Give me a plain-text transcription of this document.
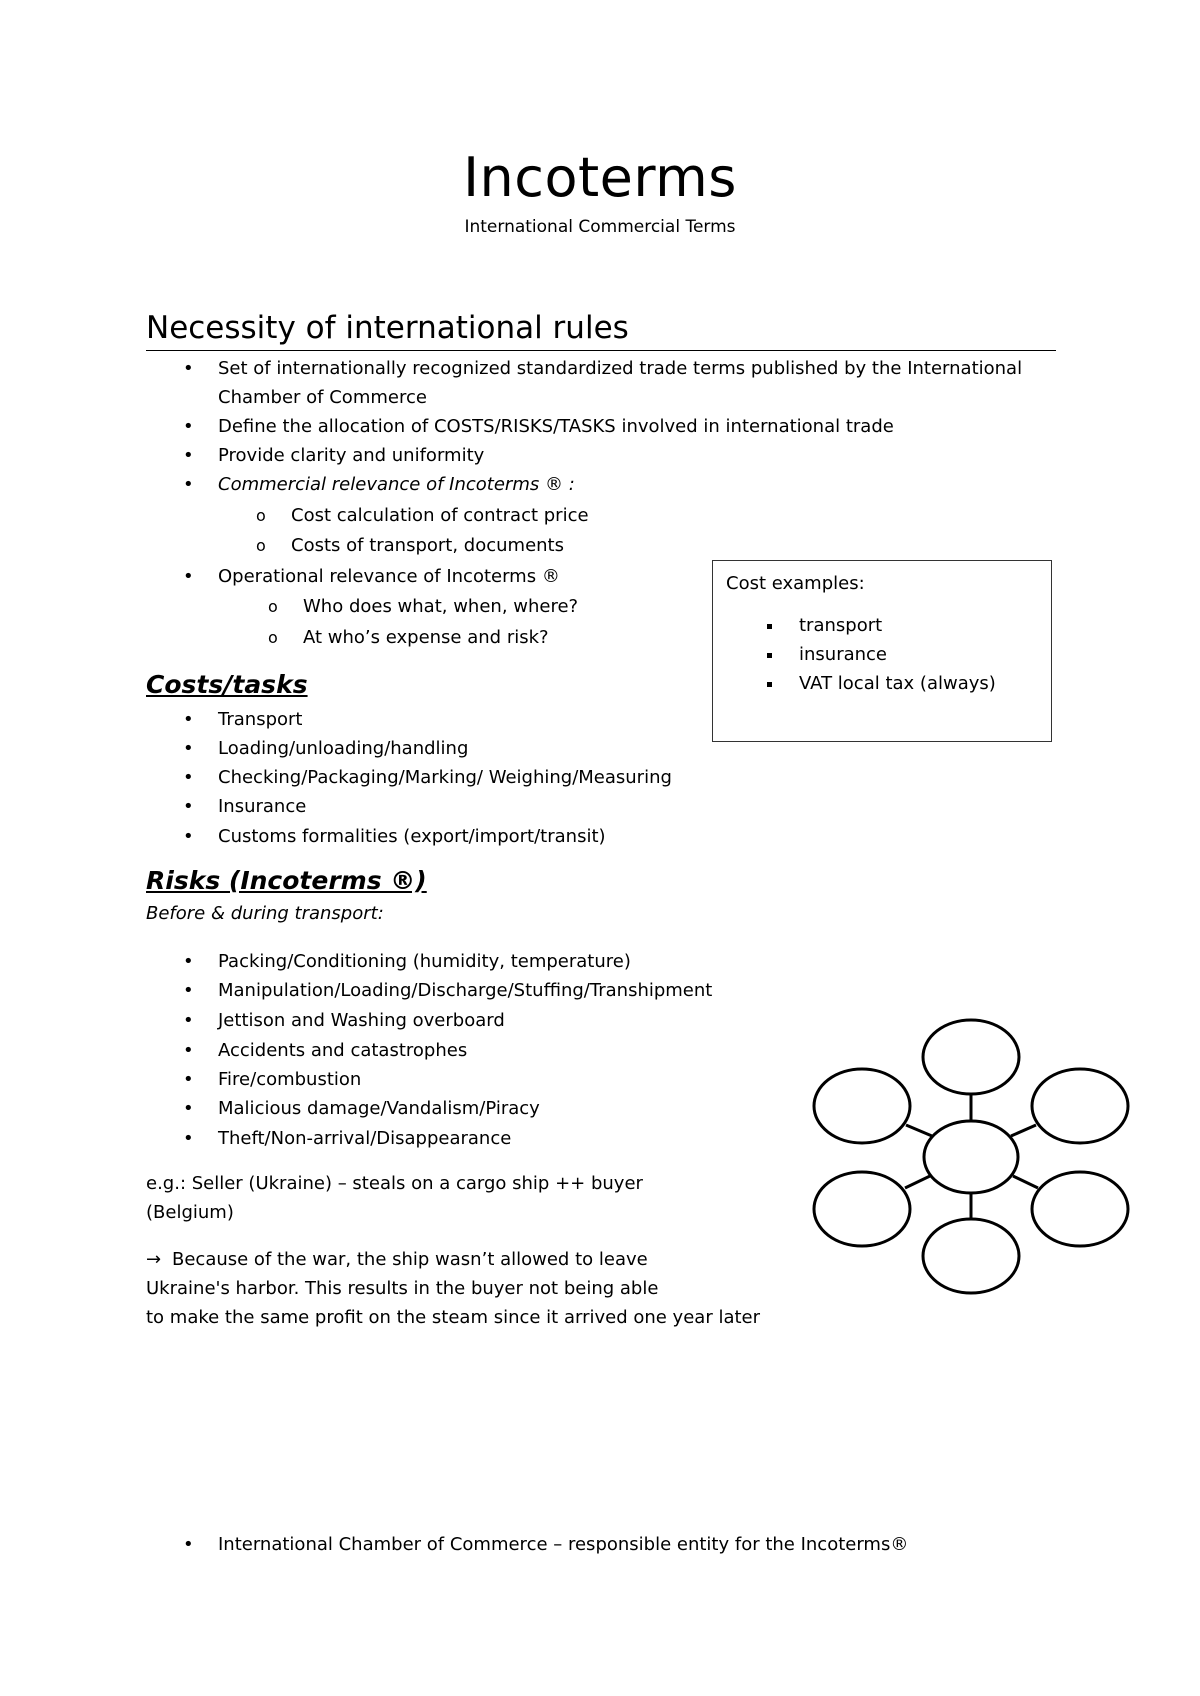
Incoterms
International Commercial Terms
Necessity of international rules
• Set of internationally recognized standardized trade terms published by the International
Chamber of Commerce
• Define the allocation of COSTS/RISKS/TASKS involved in international trade
• Provide clarity and uniformity
• Commercial relevance of Incoterms ® :
o Cost calculation of contract price
o Costs of transport, documents
• Operational relevance of Incoterms ®
o Who does what, when, where?
o At who’s expense and risk?
Cost examples:
transport
insurance
VAT local tax (always)
Costs/tasks
• Transport
• Loading/unloading/handling
• Checking/Packaging/Marking/ Weighing/Measuring
• Insurance
• Customs formalities (export/import/transit)
Risks (Incoterms ®)
Before & during transport:
• Packing/Conditioning (humidity, temperature)
• Manipulation/Loading/Discharge/Stuffing/Transhipment
• Jettison and Washing overboard
• Accidents and catastrophes
• Fire/combustion
• Malicious damage/Vandalism/Piracy
• Theft/Non-arrival/Disappearance
e.g.: Seller (Ukraine) – steals on a cargo ship ++ buyer
(Belgium)
→ Because of the war, the ship wasn’t allowed to leave
Ukraine's harbor. This results in the buyer not being able
to make the same profit on the steam since it arrived one year later
• International Chamber of Commerce – responsible entity for the Incoterms®
